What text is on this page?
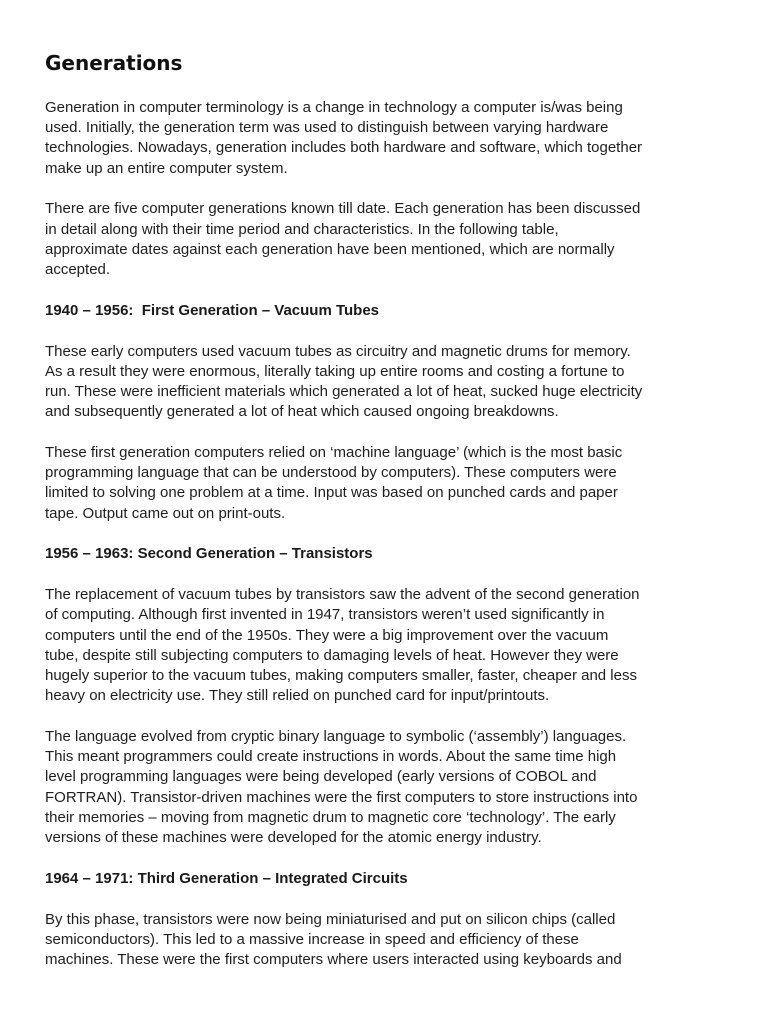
Generations

Generation in computer terminology is a change in technology a computer is/was being
used. Initially, the generation term was used to distinguish between varying hardware
technologies. Nowadays, generation includes both hardware and software, which together
make up an entire computer system.

There are five computer generations known till date. Each generation has been discussed
in detail along with their time period and characteristics. In the following table,
approximate dates against each generation have been mentioned, which are normally
accepted.

1940 – 1956:  First Generation – Vacuum Tubes

These early computers used vacuum tubes as circuitry and magnetic drums for memory.
As a result they were enormous, literally taking up entire rooms and costing a fortune to
run. These were inefficient materials which generated a lot of heat, sucked huge electricity
and subsequently generated a lot of heat which caused ongoing breakdowns.

These first generation computers relied on ‘machine language’ (which is the most basic
programming language that can be understood by computers). These computers were
limited to solving one problem at a time. Input was based on punched cards and paper
tape. Output came out on print-outs.

1956 – 1963: Second Generation – Transistors

The replacement of vacuum tubes by transistors saw the advent of the second generation
of computing. Although first invented in 1947, transistors weren’t used significantly in
computers until the end of the 1950s. They were a big improvement over the vacuum
tube, despite still subjecting computers to damaging levels of heat. However they were
hugely superior to the vacuum tubes, making computers smaller, faster, cheaper and less
heavy on electricity use. They still relied on punched card for input/printouts.

The language evolved from cryptic binary language to symbolic (‘assembly’) languages.
This meant programmers could create instructions in words. About the same time high
level programming languages were being developed (early versions of COBOL and
FORTRAN). Transistor-driven machines were the first computers to store instructions into
their memories – moving from magnetic drum to magnetic core ‘technology’. The early
versions of these machines were developed for the atomic energy industry.

1964 – 1971: Third Generation – Integrated Circuits

By this phase, transistors were now being miniaturised and put on silicon chips (called
semiconductors). This led to a massive increase in speed and efficiency of these
machines. These were the first computers where users interacted using keyboards and
